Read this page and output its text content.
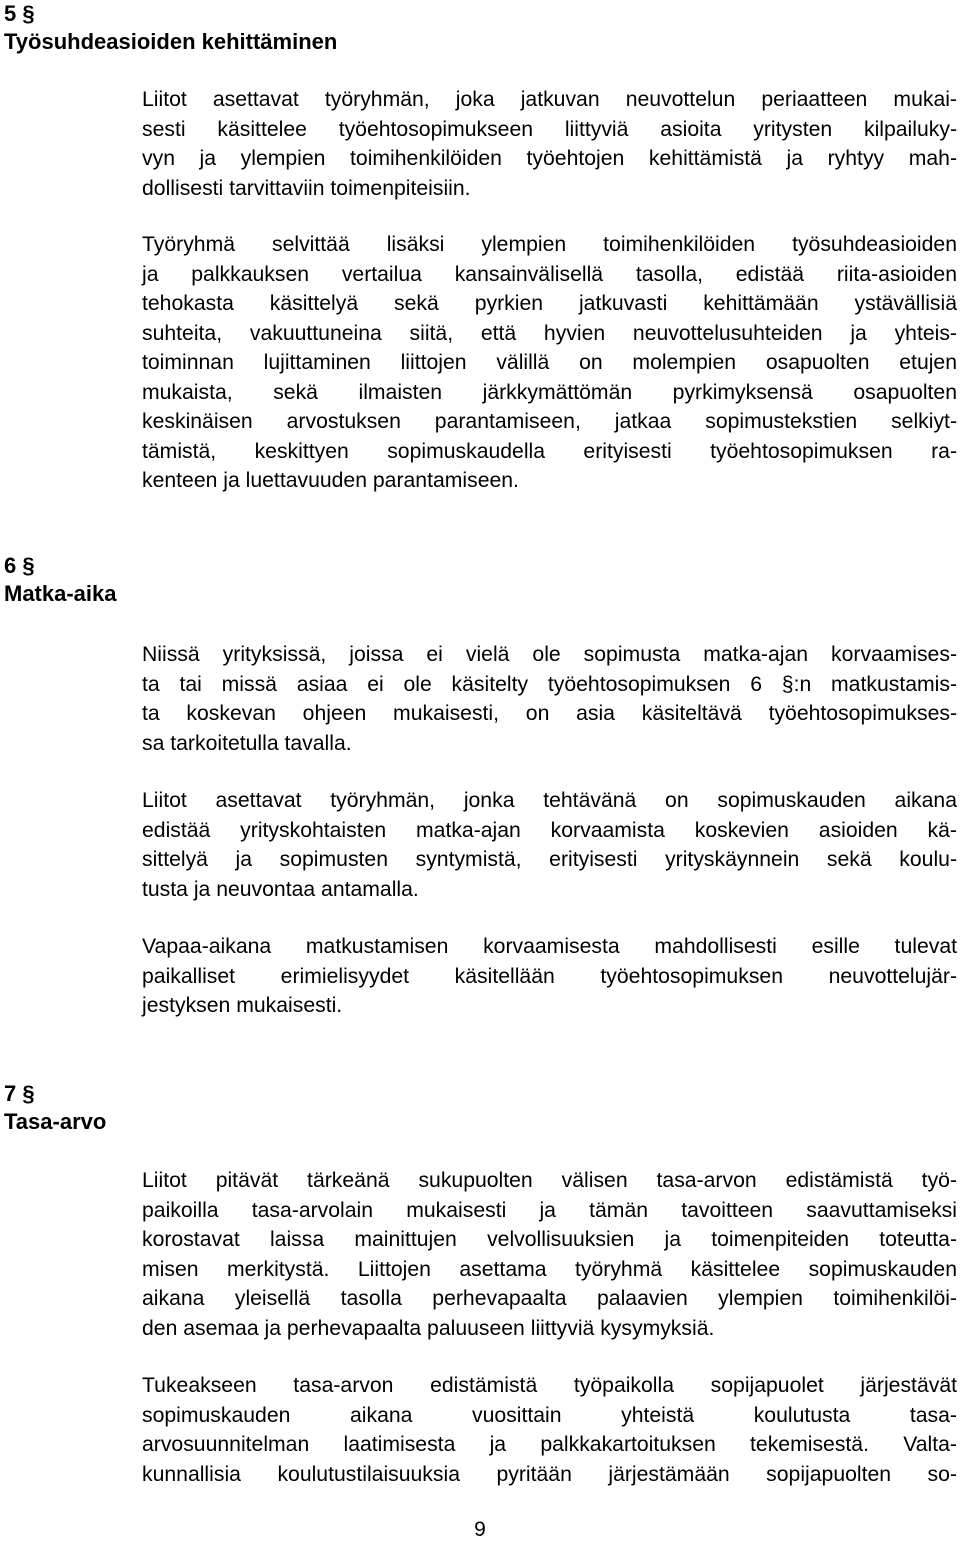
5 §
Työsuhdeasioiden kehittäminen

Liitot asettavat työryhmän, joka jatkuvan neuvottelun periaatteen mukai-
sesti käsittelee työehtosopimukseen liittyviä asioita yritysten kilpailuky-
vyn ja ylempien toimihenkilöiden työehtojen kehittämistä ja ryhtyy mah-
dollisesti tarvittaviin toimenpiteisiin.

Työryhmä selvittää lisäksi ylempien toimihenkilöiden työsuhdeasioiden
ja palkkauksen vertailua kansainvälisellä tasolla, edistää riita-asioiden
tehokasta käsittelyä sekä pyrkien jatkuvasti kehittämään ystävällisiä
suhteita, vakuuttuneina siitä, että hyvien neuvottelusuhteiden ja yhteis-
toiminnan lujittaminen liittojen välillä on molempien osapuolten etujen
mukaista, sekä ilmaisten järkkymättömän pyrkimyksensä osapuolten
keskinäisen arvostuksen parantamiseen, jatkaa sopimustekstien selkiyt-
tämistä, keskittyen sopimuskaudella erityisesti työehtosopimuksen ra-
kenteen ja luettavuuden parantamiseen.

6 §
Matka-aika

Niissä yrityksissä, joissa ei vielä ole sopimusta matka-ajan korvaamises-
ta tai missä asiaa ei ole käsitelty työehtosopimuksen 6 §:n matkustamis-
ta koskevan ohjeen mukaisesti, on asia käsiteltävä työehtosopimukses-
sa tarkoitetulla tavalla.

Liitot asettavat työryhmän, jonka tehtävänä on sopimuskauden aikana
edistää yrityskohtaisten matka-ajan korvaamista koskevien asioiden kä-
sittelyä ja sopimusten syntymistä, erityisesti yrityskäynnein sekä koulu-
tusta ja neuvontaa antamalla.

Vapaa-aikana matkustamisen korvaamisesta mahdollisesti esille tulevat
paikalliset erimielisyydet käsitellään työehtosopimuksen neuvottelujär-
jestyksen mukaisesti.

7 §
Tasa-arvo

Liitot pitävät tärkeänä sukupuolten välisen tasa-arvon edistämistä työ-
paikoilla tasa-arvolain mukaisesti ja tämän tavoitteen saavuttamiseksi
korostavat laissa mainittujen velvollisuuksien ja toimenpiteiden toteutta-
misen merkitystä. Liittojen asettama työryhmä käsittelee sopimuskauden
aikana yleisellä tasolla perhevapaalta palaavien ylempien toimihenkilöi-
den asemaa ja perhevapaalta paluuseen liittyviä kysymyksiä.

Tukeakseen tasa-arvon edistämistä työpaikolla sopijapuolet järjestävät
sopimuskauden aikana vuosittain yhteistä koulutusta tasa-
arvosuunnitelman laatimisesta ja palkkakartoituksen tekemisestä. Valta-
kunnallisia koulutustilaisuuksia pyritään järjestämään sopijapuolten so-

9
